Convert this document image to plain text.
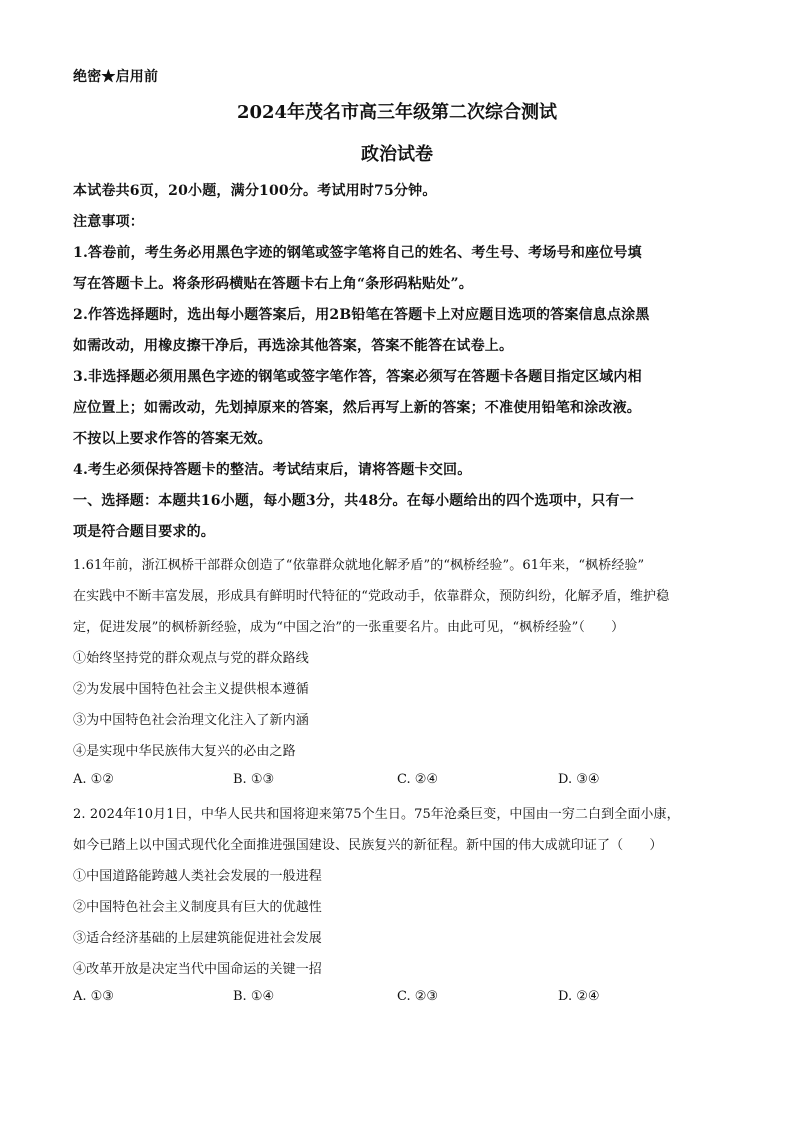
绝密★启用前
2024年茂名市高三年级第二次综合测试
政治试卷
本试卷共6页，20小题，满分100分。考试用时75分钟。
注意事项：
1.答卷前，考生务必用黑色字迹的钢笔或签字笔将自己的姓名、考生号、考场号和座位号填
写在答题卡上。将条形码横贴在答题卡右上角“条形码粘贴处”。
2.作答选择题时，选出每小题答案后，用2B铅笔在答题卡上对应题目选项的答案信息点涂黑
如需改动，用橡皮擦干净后，再选涂其他答案，答案不能答在试卷上。
3.非选择题必须用黑色字迹的钢笔或签字笔作答，答案必须写在答题卡各题目指定区域内相
应位置上；如需改动，先划掉原来的答案，然后再写上新的答案；不准使用铅笔和涂改液。
不按以上要求作答的答案无效。
4.考生必须保持答题卡的整洁。考试结束后，请将答题卡交回。
一、选择题：本题共16小题，每小题3分，共48分。在每小题给出的四个选项中，只有一
项是符合题目要求的。
1.61年前，浙江枫桥干部群众创造了“依靠群众就地化解矛盾”的“枫桥经验”。61年来，“枫桥经验”
在实践中不断丰富发展，形成具有鲜明时代特征的“党政动手，依靠群众，预防纠纷，化解矛盾，维护稳
定，促进发展”的枫桥新经验，成为“中国之治”的一张重要名片。由此可见，“枫桥经验”（　　）
①始终坚持党的群众观点与党的群众路线
②为发展中国特色社会主义提供根本遵循
③为中国特色社会治理文化注入了新内涵
④是实现中华民族伟大复兴的必由之路
A. ①②	B. ①③	C. ②④	D. ③④
2. 2024年10月1日，中华人民共和国将迎来第75个生日。75年沧桑巨变，中国由一穷二白到全面小康，
如今已踏上以中国式现代化全面推进强国建设、民族复兴的新征程。新中国的伟大成就印证了（　　）
①中国道路能跨越人类社会发展的一般进程
②中国特色社会主义制度具有巨大的优越性
③适合经济基础的上层建筑能促进社会发展
④改革开放是决定当代中国命运的关键一招
A. ①③	B. ①④	C. ②③	D. ②④
